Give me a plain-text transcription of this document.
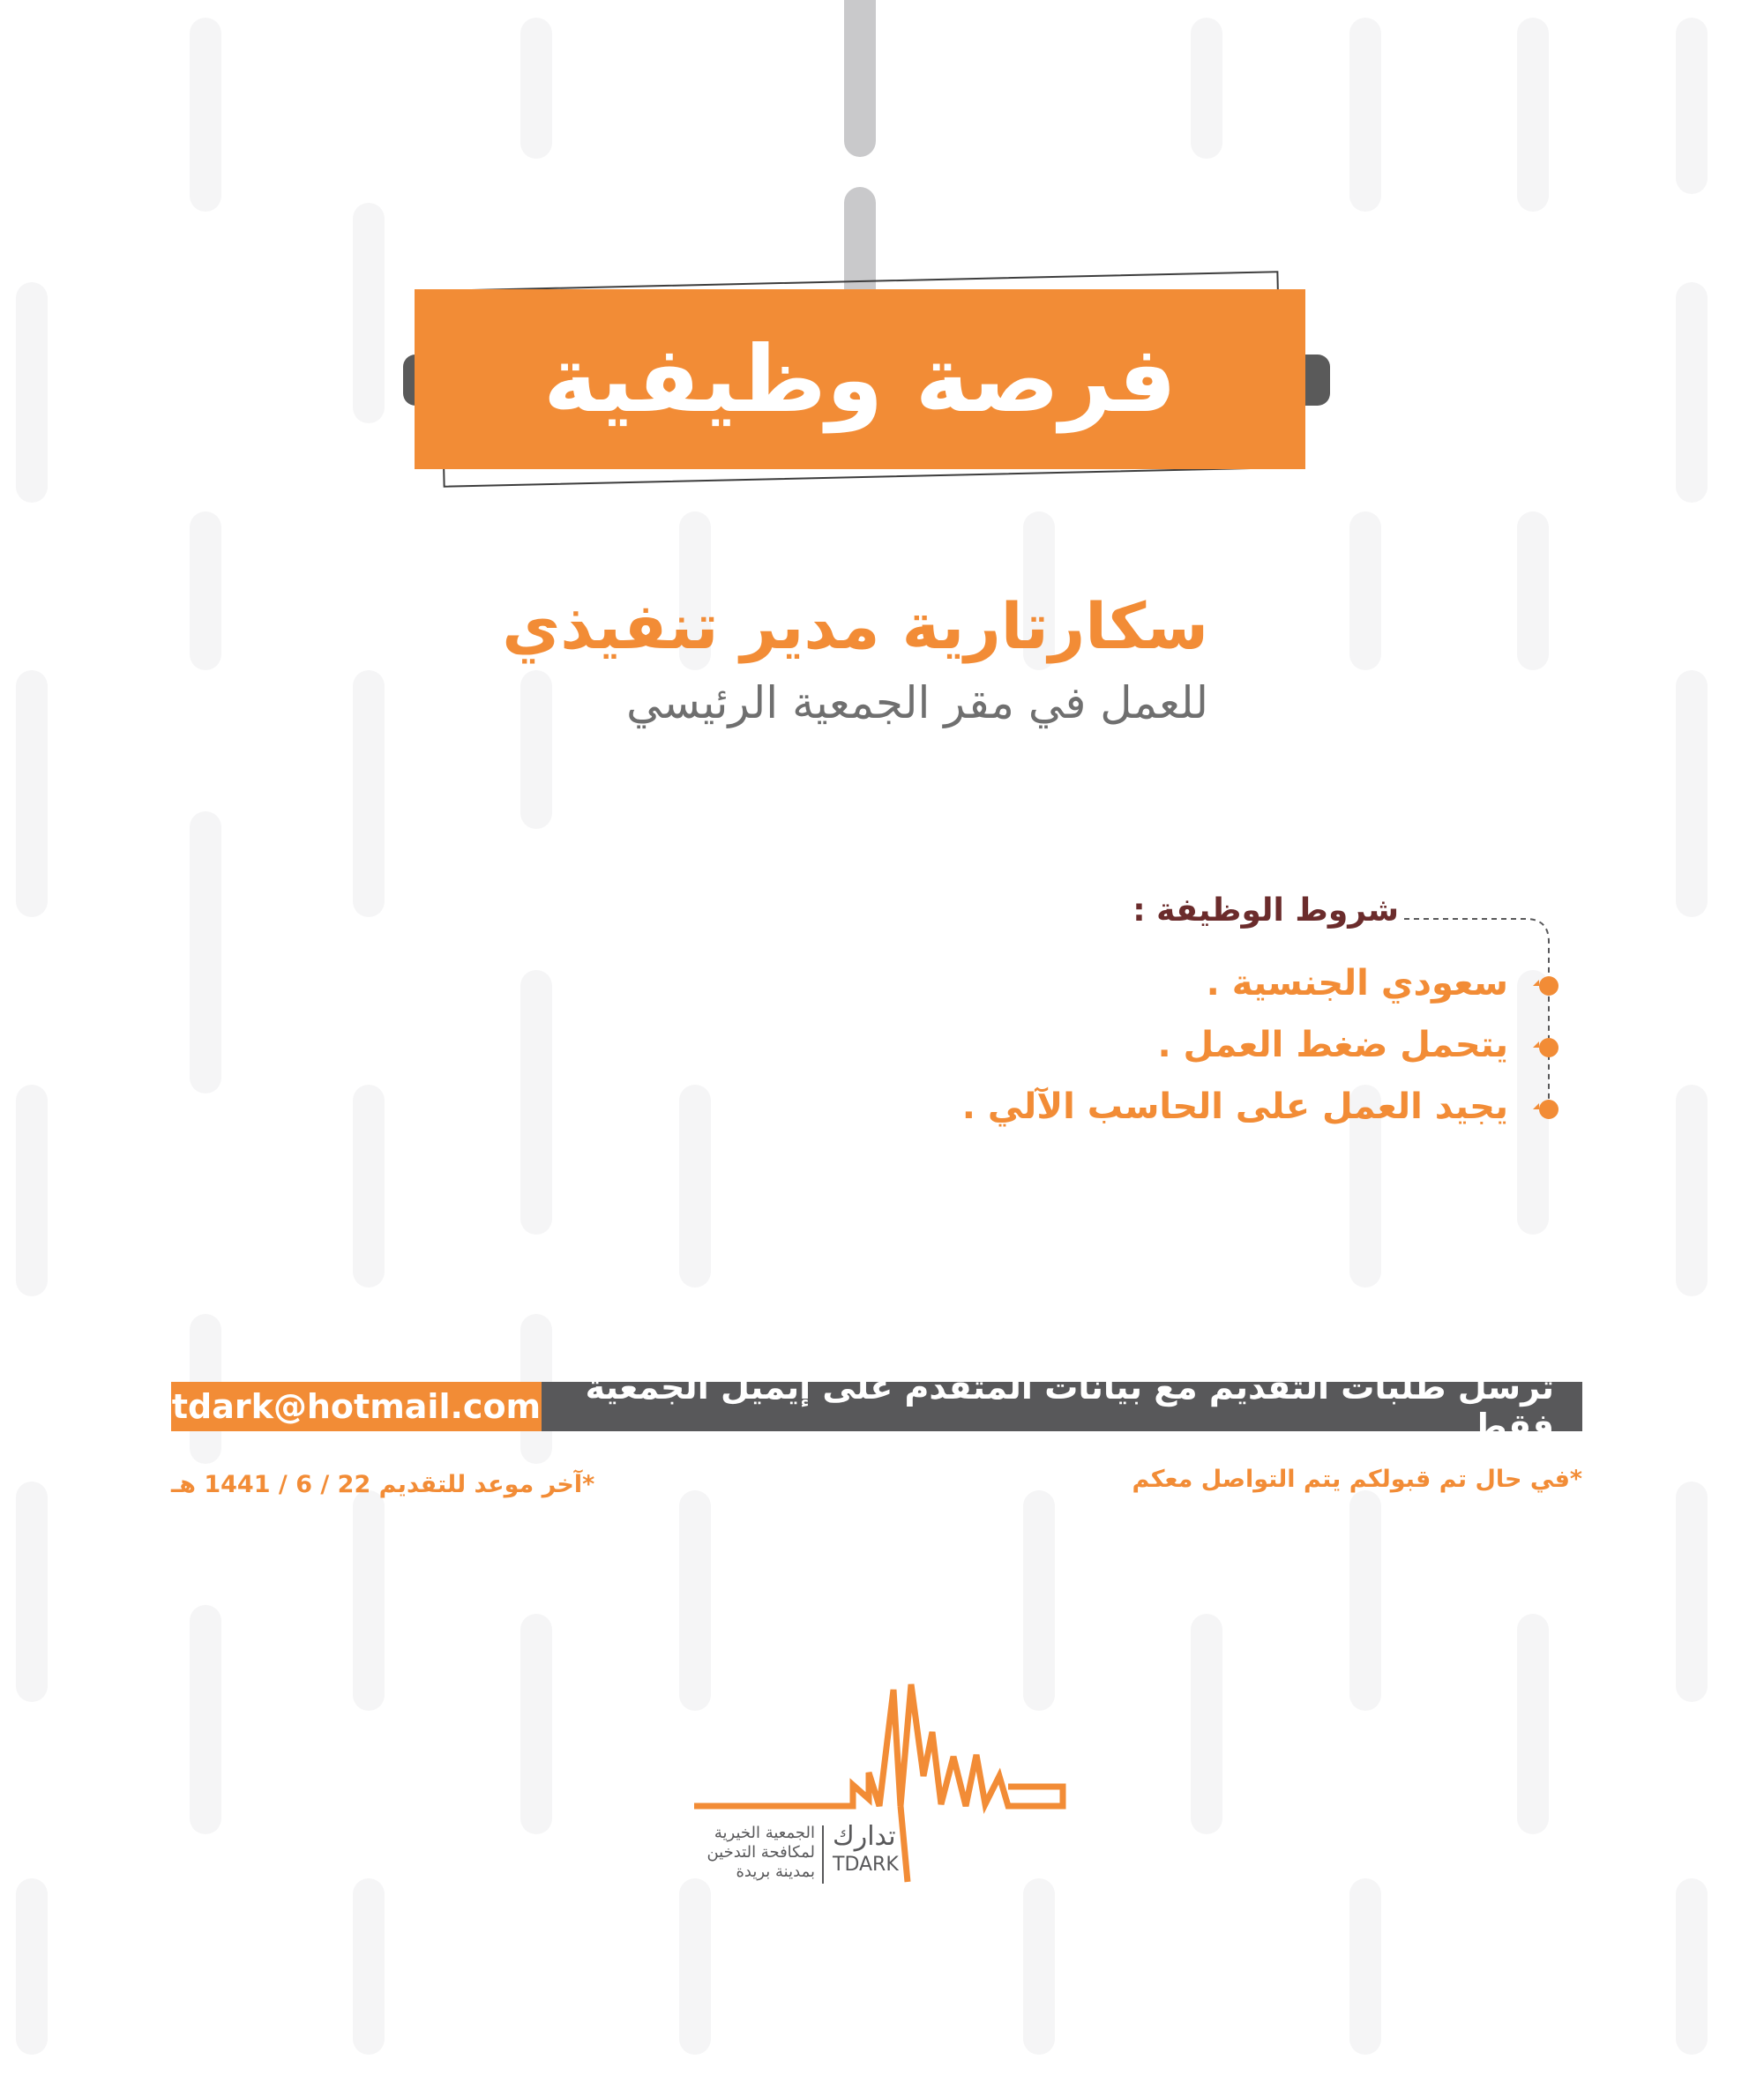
فرصة وظيفية
سكارتارية مدير تنفيذي
للعمل في مقر الجمعية الرئيسي
شروط الوظيفة :
سعودي الجنسية .
يتحمل ضغط العمل .
يجيد العمل على الحاسب الآلي .
tdark@hotmail.com	ترسل طلبات التقديم مع بيانات المتقدم على إيميل الجمعية فقط
*آخر موعد للتقديم 22 / 6 / 1441 هـ	*في حال تم قبولكم يتم التواصل معكم
تدارك
TDARK
الجمعية الخيرية
لمكافحة التدخين
بمدينة بريدة
